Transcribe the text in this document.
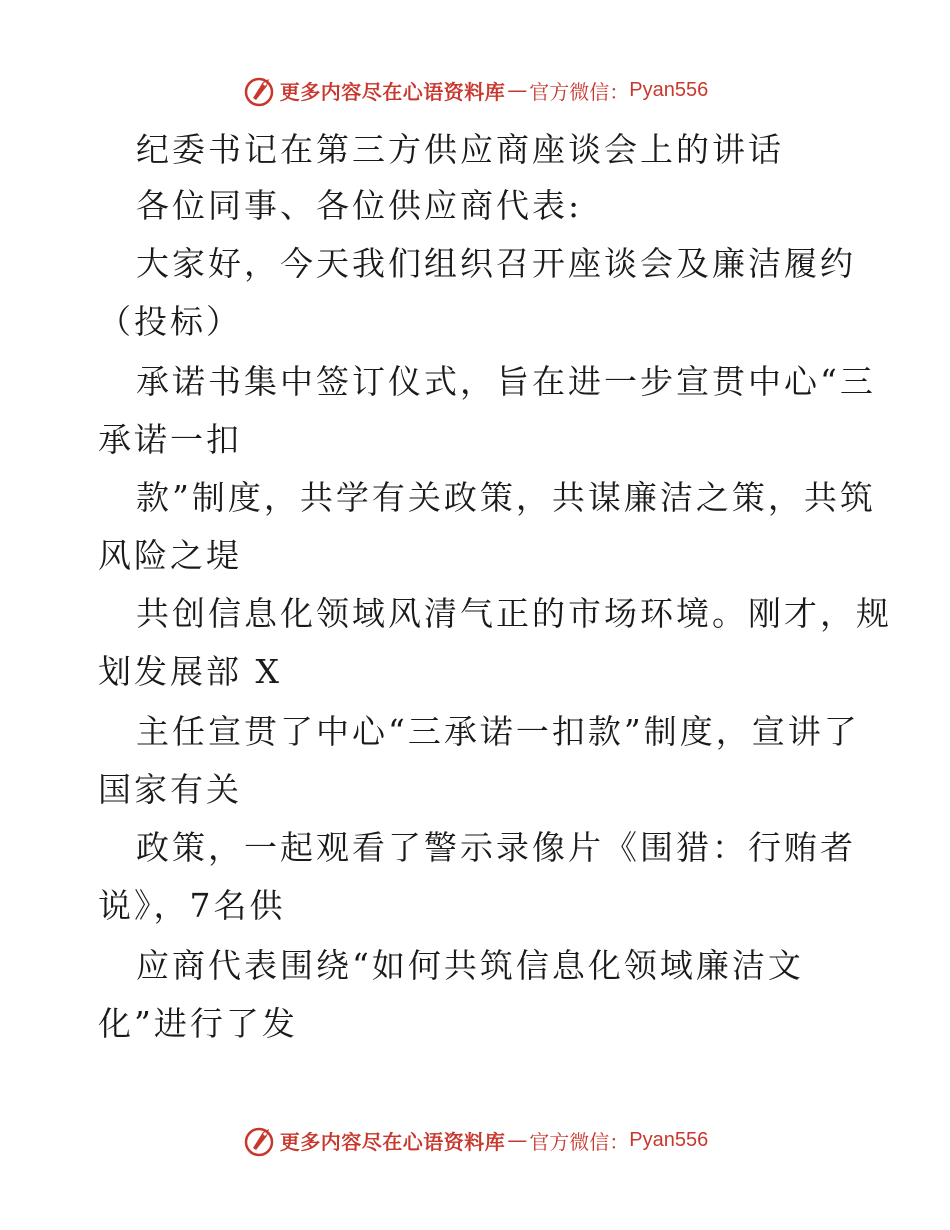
更多内容尽在心语资料库 — 官方微信： Pyan556
纪委书记在第三方供应商座谈会上的讲话
各位同事、各位供应商代表:
大家好，今天我们组织召开座谈会及廉洁履约
（投标）
承诺书集中签订仪式，旨在进一步宣贯中心“三
承诺一扣
款”制度，共学有关政策，共谋廉洁之策，共筑
风险之堤
共创信息化领域风清气正的市场环境。刚才，规
划发展部 X
主任宣贯了中心“三承诺一扣款”制度，宣讲了
国家有关
政策，一起观看了警示录像片《围猎：行贿者
说》，7名供
应商代表围绕“如何共筑信息化领域廉洁文
化”进行了发
更多内容尽在心语资料库 — 官方微信： Pyan556
